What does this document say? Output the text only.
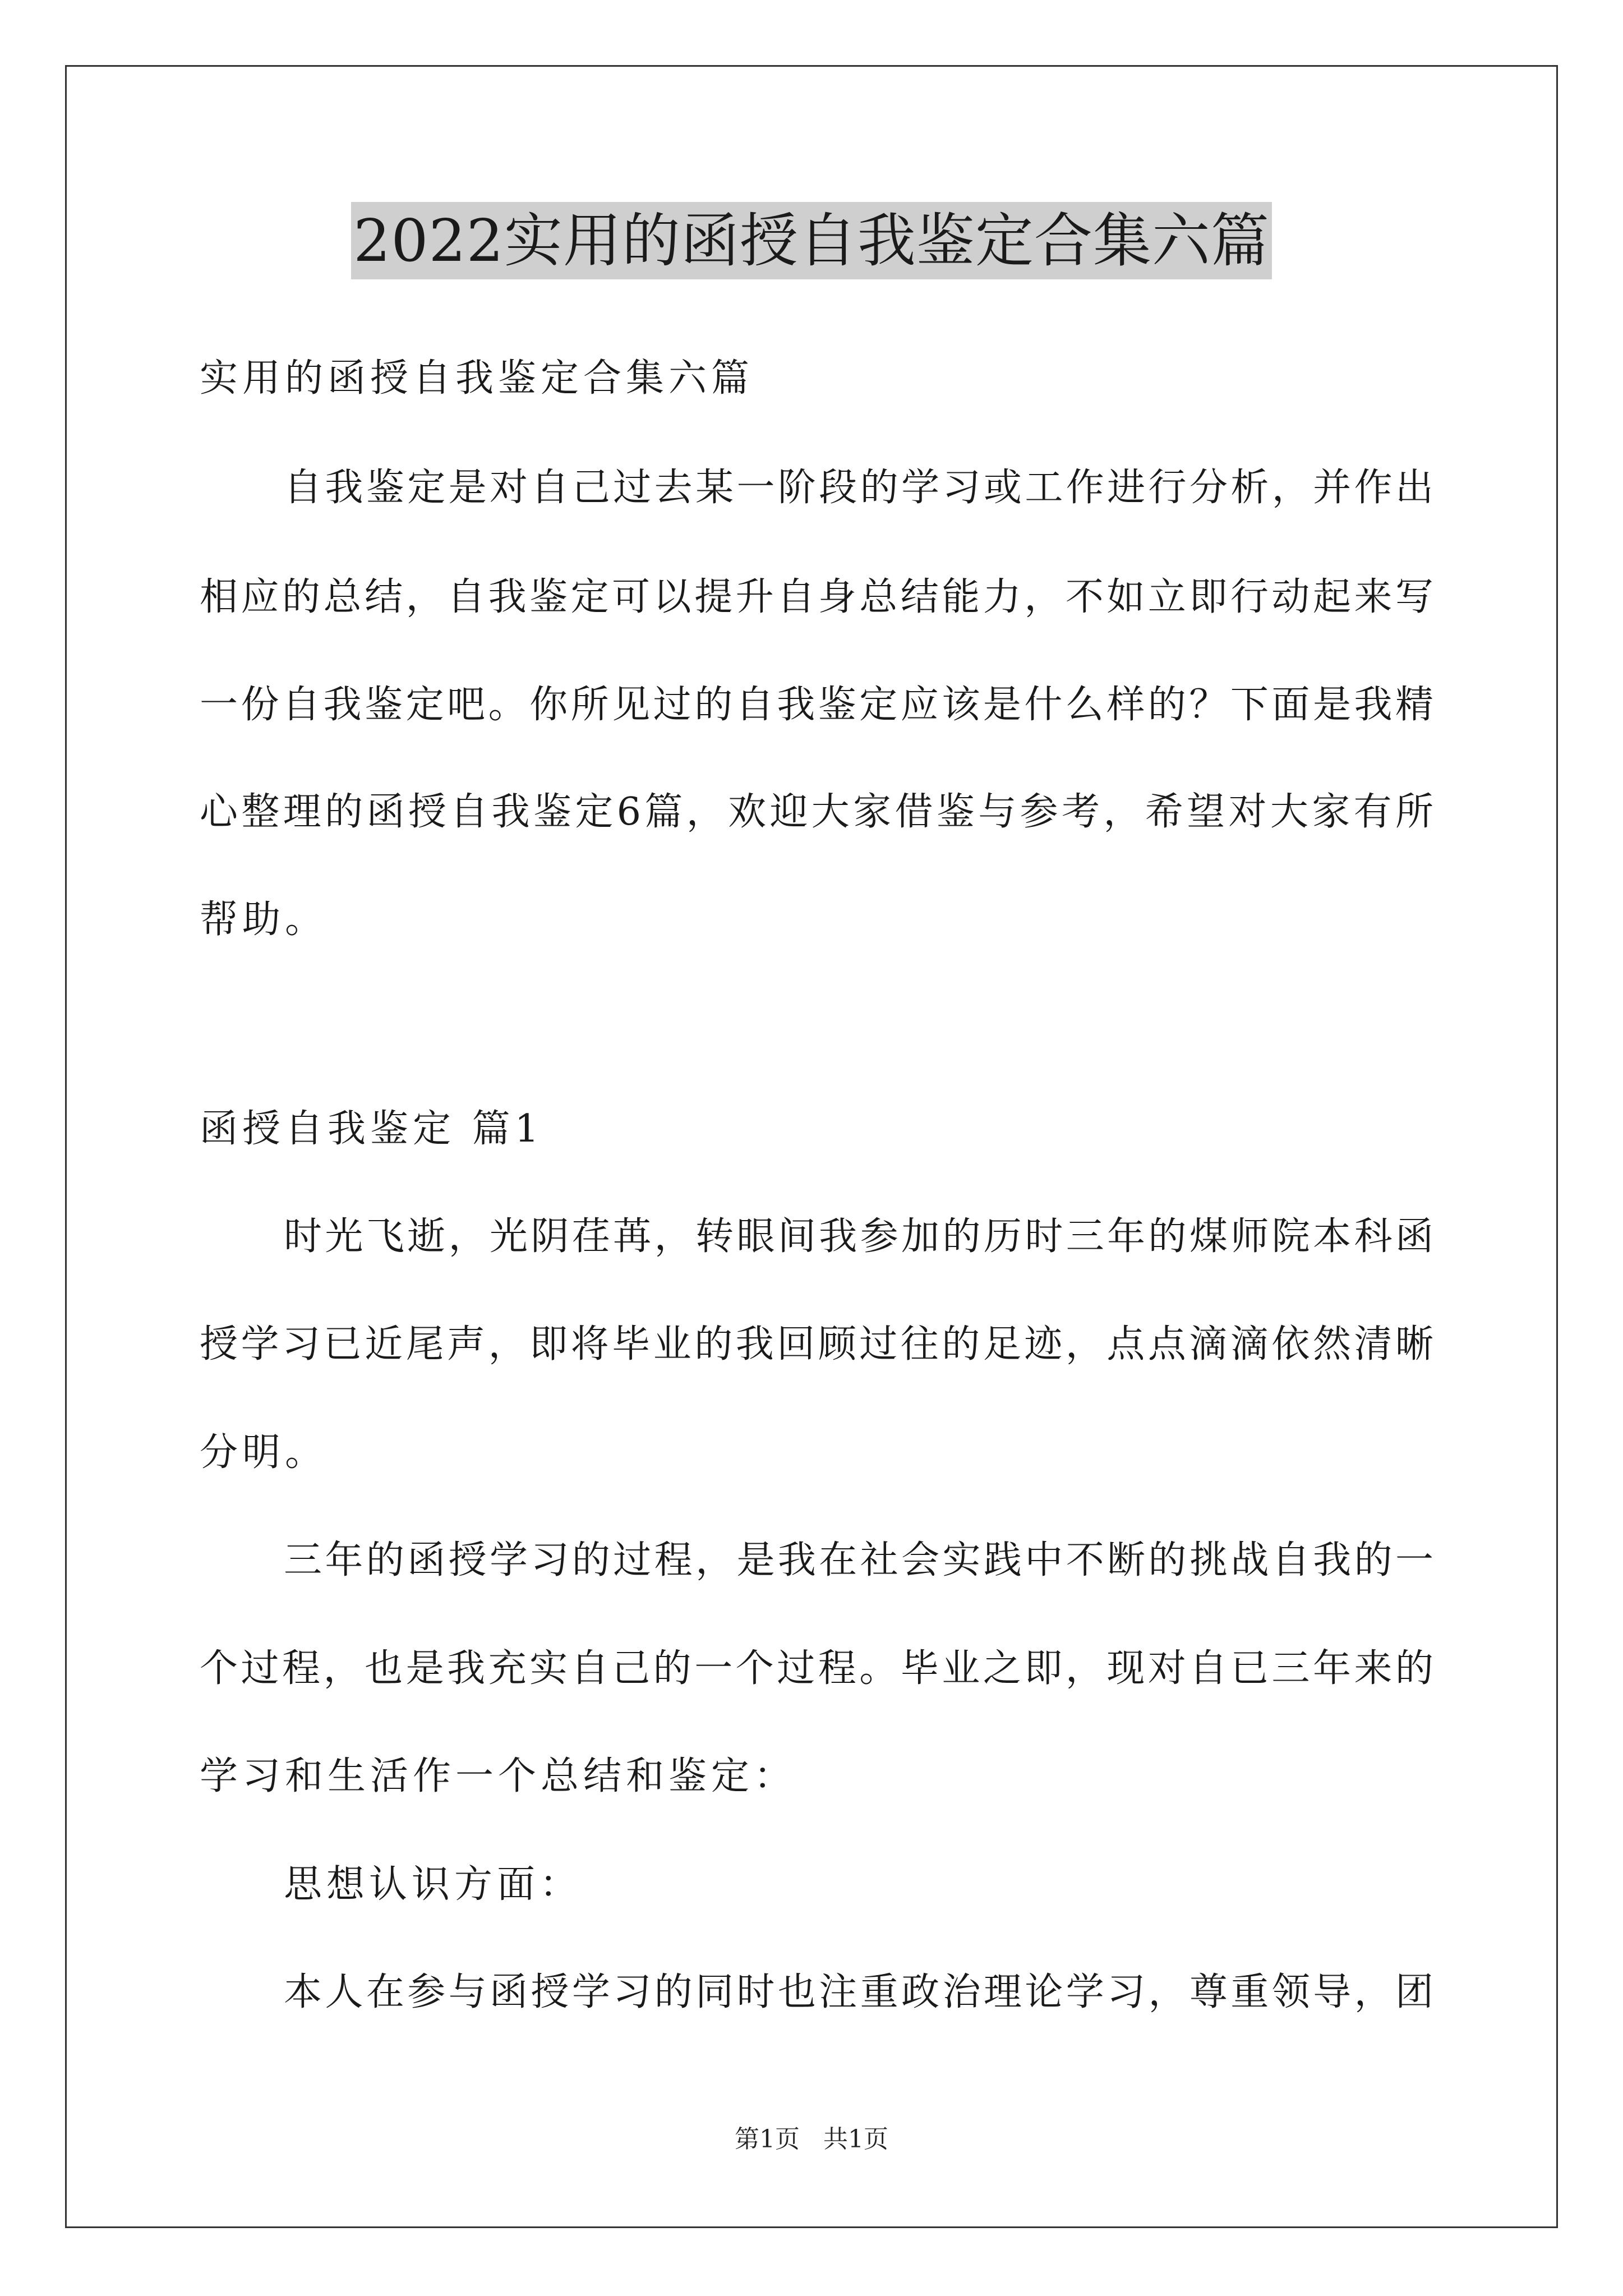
2022实用的函授自我鉴定合集六篇
实用的函授自我鉴定合集六篇
自我鉴定是对自己过去某一阶段的学习或工作进行分析，并作出
相应的总结，自我鉴定可以提升自身总结能力，不如立即行动起来写
一份自我鉴定吧。你所见过的自我鉴定应该是什么样的？下面是我精
心整理的函授自我鉴定6篇，欢迎大家借鉴与参考，希望对大家有所
帮助。
函授自我鉴定 篇1
时光飞逝，光阴荏苒，转眼间我参加的历时三年的煤师院本科函
授学习已近尾声，即将毕业的我回顾过往的足迹，点点滴滴依然清晰
分明。
三年的函授学习的过程，是我在社会实践中不断的挑战自我的一
个过程，也是我充实自己的一个过程。毕业之即，现对自已三年来的
学习和生活作一个总结和鉴定：
思想认识方面：
本人在参与函授学习的同时也注重政治理论学习，尊重领导，团
第1页 共1页
